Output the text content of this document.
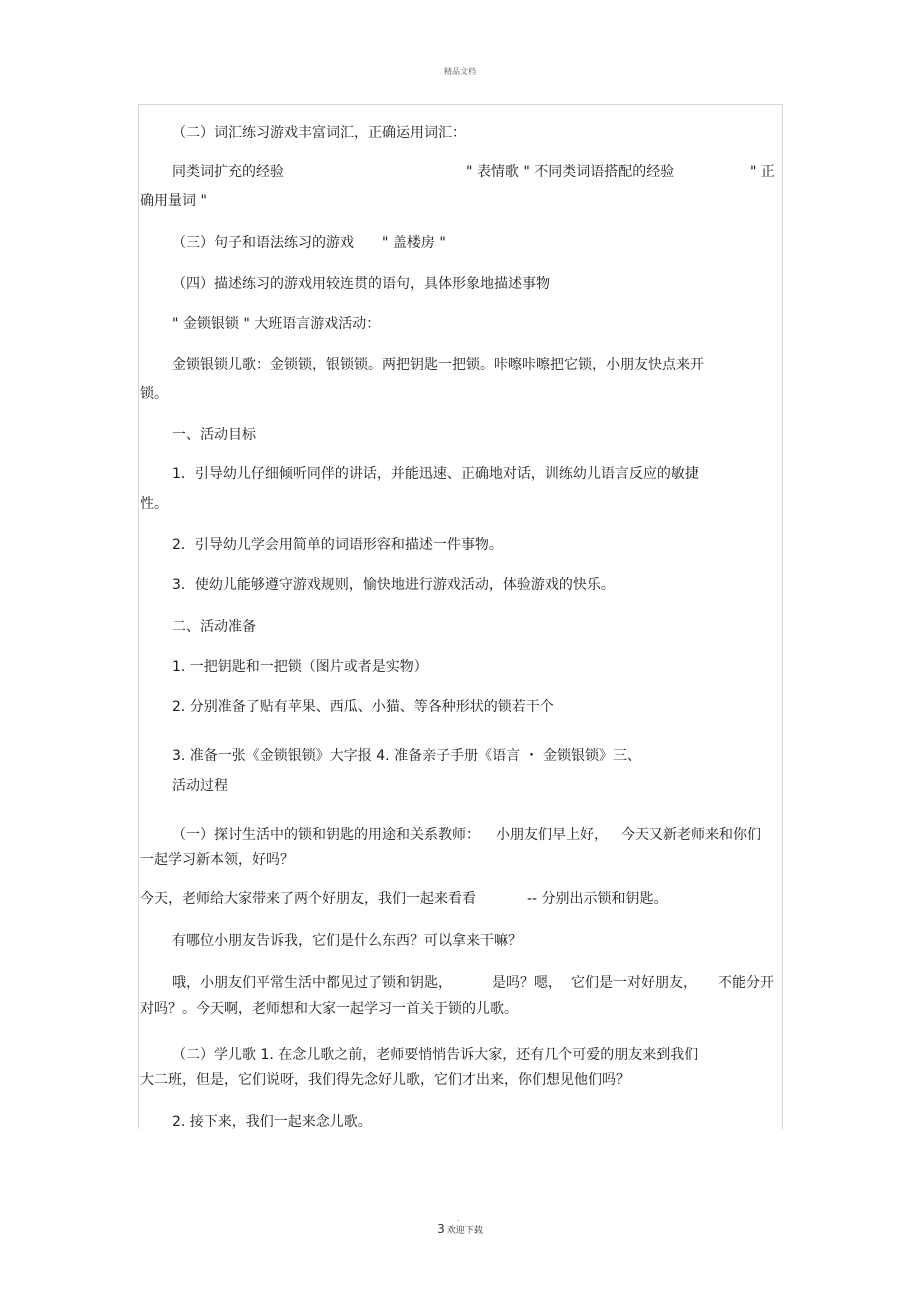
精品文档
（二）词汇练习游戏丰富词汇，正确运用词汇：
同类词扩充的经验	" 表情歌 " 不同类词语搭配的经验	" 正
确用量词 "
（三）句子和语法练习的游戏 " 盖楼房 "
（四）描述练习的游戏用较连贯的语句，具体形象地描述事物
" 金锁银锁 " 大班语言游戏活动：
金锁银锁儿歌：金锁锁，银锁锁。两把钥匙一把锁。咔嚓咔嚓把它锁，小朋友快点来开
锁。
一、活动目标
1．引导幼儿仔细倾听同伴的讲话，并能迅速、正确地对话，训练幼儿语言反应的敏捷
性。
2．引导幼儿学会用简单的词语形容和描述一件事物。
3．使幼儿能够遵守游戏规则，愉快地进行游戏活动，体验游戏的快乐。
二、活动准备
1. 一把钥匙和一把锁（图片或者是实物）
2. 分别准备了贴有苹果、西瓜、小猫、等各种形状的锁若干个
3. 准备一张《金锁银锁》大字报 4. 准备亲子手册《语言 ・ 金锁银锁》三、
活动过程
（一）探讨生活中的锁和钥匙的用途和关系教师： 小朋友们早上好， 今天又新老师来和你们
一起学习新本领，好吗？
今天，老师给大家带来了两个好朋友，我们一起来看看	-- 分别出示锁和钥匙。
有哪位小朋友告诉我，它们是什么东西？可以拿来干嘛？
哦，小朋友们平常生活中都见过了锁和钥匙，	是吗？嗯， 它们是一对好朋友， 不能分开
对吗？。今天啊，老师想和大家一起学习一首关于锁的儿歌。
（二）学儿歌 1. 在念儿歌之前，老师要悄悄告诉大家，还有几个可爱的朋友来到我们
大二班，但是，它们说呀，我们得先念好儿歌，它们才出来，你们想见他们吗？
2. 接下来，我们一起来念儿歌。
.
3 欢迎下载
